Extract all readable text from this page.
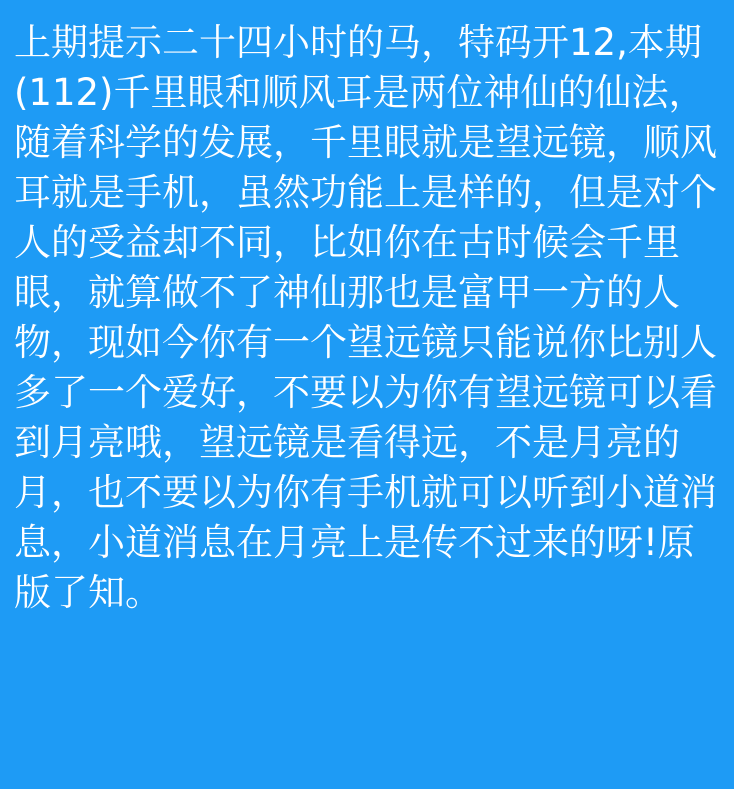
上期提示二十四小时的马，特码开12,本期(112)千里眼和顺风耳是两位神仙的仙法，随着科学的发展，千里眼就是望远镜，顺风耳就是手机，虽然功能上是样的，但是对个人的受益却不同，比如你在古时候会千里眼，就算做不了神仙那也是富甲一方的人物，现如今你有一个望远镜只能说你比别人多了一个爱好，不要以为你有望远镜可以看到月亮哦，望远镜是看得远，不是月亮的月，也不要以为你有手机就可以听到小道消息，小道消息在月亮上是传不过来的呀!原版了知。
